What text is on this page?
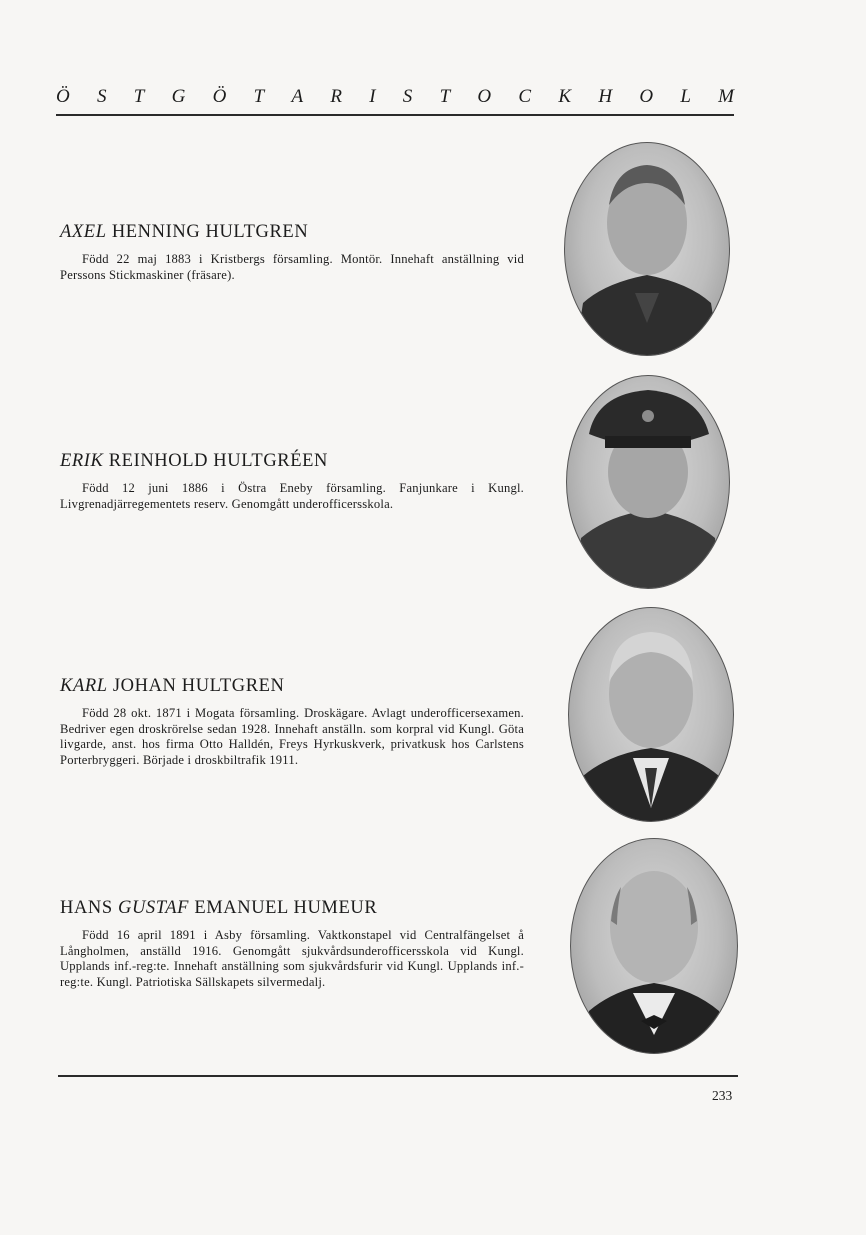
Ö S T G Ö T A R I S T O C K H O L M
AXEL HENNING HULTGREN

Född 22 maj 1883 i Kristbergs församling. Montör. Innehaft anställning vid Perssons Stickmaskiner (fräsare).

ERIK REINHOLD HULTGRÉEN

Född 12 juni 1886 i Östra Eneby församling. Fanjunkare i Kungl. Livgrenadjärregementets reserv. Genomgått underofficersskola.

KARL JOHAN HULTGREN

Född 28 okt. 1871 i Mogata församling. Droskägare. Avlagt underofficersexamen. Bedriver egen droskrörelse sedan 1928. Innehaft anställn. som korpral vid Kungl. Göta livgarde, anst. hos firma Otto Halldén, Freys Hyrkuskverk, privatkusk hos Carlstens Porterbryggeri. Började i droskbiltrafik 1911.

HANS GUSTAF EMANUEL HUMEUR

Född 16 april 1891 i Asby församling. Vaktkonstapel vid Centralfängelset å Långholmen, anställd 1916. Genomgått sjukvårdsunderofficersskola vid Kungl. Upplands inf.-reg:te. Innehaft anställning som sjukvårdsfurir vid Kungl. Upplands inf.-reg:te. Kungl. Patriotiska Sällskapets silvermedalj.

233
